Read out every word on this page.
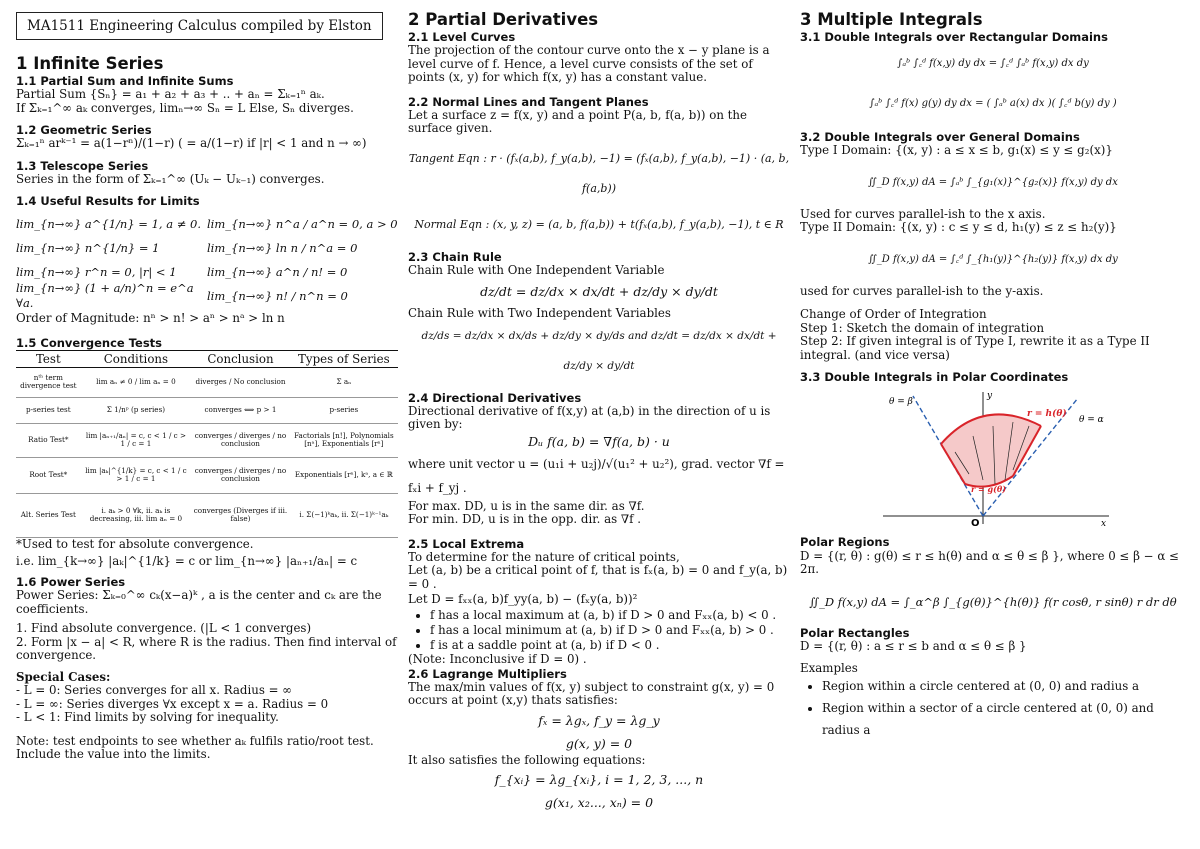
MA1511 Engineering Calculus compiled by Elston
1 Infinite Series
1.1 Partial Sum and Infinite Sums

Partial Sum {Sₙ} = a₁ + a₂ + a₃ + .. + aₙ = Σₖ₌₁ⁿ aₖ.

If Σₖ₌₁^∞ aₖ converges, limₙ→∞ Sₙ = L Else, Sₙ diverges.

1.2 Geometric Series

Σₖ₌₁ⁿ arᵏ⁻¹ = a(1−rⁿ)/(1−r) ( = a/(1−r) if |r| < 1 and n → ∞)

1.3 Telescope Series

Series in the form of Σₖ₌₁^∞ (Uₖ − Uₖ₋₁) converges.

1.4 Useful Results for Limits
lim_{n→∞} a^{1/n} = 1, a ≠ 0. lim_{n→∞} n^a / a^n = 0, a > 0
lim_{n→∞} n^{1/n} = 1	lim_{n→∞} ln n / n^a = 0
lim_{n→∞} r^n = 0, |r| < 1	lim_{n→∞} a^n / n! = 0
lim_{n→∞} (1 + a/n)^n = e^a ∀a.
lim_{n→∞} n! / n^n = 0

Order of Magnitude: nⁿ > n! > aⁿ > nᵃ > ln n

1.5 Convergence Tests
Test	Conditions	Conclusion	Types of Series
nᵗʰ term divergence test	lim aₙ ≠ 0 / lim aₙ = 0	diverges / No conclusion	Σ aₙ
p-series test	Σ 1/nᵖ (p series)	converges ⟺ p > 1	p-series
Ratio Test*	lim |aₙ₊₁/aₙ| = c, c < 1 / c > 1 / c = 1	converges / diverges / no conclusion	Factorials [n!], Polynomials [nᵃ], Exponentials [rⁿ]
Root Test*	lim |aₖ|^{1/k} = c, c < 1 / c > 1 / c = 1	converges / diverges / no conclusion	Exponentials [rⁿ], kᵃ, a ∈ ℝ
Alt. Series Test	i. aₖ > 0 ∀k, ii. aₖ is decreasing, iii. lim aₙ = 0	converges (Diverges if iii. false)	i. Σ(−1)ᵏaₖ, ii. Σ(−1)ᵏ⁻¹aₖ

*Used to test for absolute convergence.

i.e. lim_{k→∞} |aₖ|^{1/k} = c or lim_{n→∞} |aₙ₊₁/aₙ| = c

1.6 Power Series

Power Series: Σₖ₌₀^∞ cₖ(x−a)ᵏ , a is the center and cₖ are the coefficients.

1. Find absolute convergence. (|L < 1 converges)

2. Form |x − a| < R, where R is the radius. Then find interval of convergence.

Special Cases:

- L = 0: Series converges for all x. Radius = ∞

- L = ∞: Series diverges ∀x except x = a. Radius = 0

- L < 1: Find limits by solving for inequality.

Note: test endpoints to see whether aₖ fulfils ratio/root test. Include the value into the limits.

2 Partial Derivatives
2.1 Level Curves

The projection of the contour curve onto the x − y plane is a level curve of f. Hence, a level curve consists of the set of points (x, y) for which f(x, y) has a constant value.

2.2 Normal Lines and Tangent Planes

Let a surface z = f(x, y) and a point P(a, b, f(a, b)) on the surface given.

Tangent Eqn : r · (fₓ(a,b), f_y(a,b), −1) = (fₓ(a,b), f_y(a,b), −1) · (a, b, f(a,b))

Normal Eqn : (x, y, z) = (a, b, f(a,b)) + t(fₓ(a,b), f_y(a,b), −1), t ∈ R

2.3 Chain Rule

Chain Rule with One Independent Variable

dz/dt = dz/dx × dx/dt + dz/dy × dy/dt

Chain Rule with Two Independent Variables

dz/ds = dz/dx × dx/ds + dz/dy × dy/ds and dz/dt = dz/dx × dx/dt + dz/dy × dy/dt
2.4 Directional Derivatives

Directional derivative of f(x,y) at (a,b) in the direction of u is given by:

Dᵤ f(a, b) = ∇f(a, b) · u

where unit vector u = (u₁i + u₂j)/√(u₁² + u₂²), grad. vector ∇f = fₓi + f_yj .

For max. DD, u is in the same dir. as ∇f.

For min. DD, u is in the opp. dir. as ∇f .

2.5 Local Extrema

To determine for the nature of critical points,

Let (a, b) be a critical point of f, that is fₓ(a, b) = 0 and f_y(a, b) = 0 .

Let D = fₓₓ(a, b)f_yy(a, b) − (fₓy(a, b))²

• f has a local maximum at (a, b) if D > 0 and Fₓₓ(a, b) < 0 .
• f has a local minimum at (a, b) if D > 0 and Fₓₓ(a, b) > 0 .
• f is at a saddle point at (a, b) if D < 0 .

(Note: Inconclusive if D = 0) .

2.6 Lagrange Multipliers

The max/min values of f(x, y) subject to constraint g(x, y) = 0 occurs at point (x,y) thats satisfies:

fₓ = λgₓ, f_y = λg_y
g(x, y) = 0

It also satisfies the following equations:

f_{xᵢ} = λg_{xᵢ}, i = 1, 2, 3, ..., n
g(x₁, x₂..., xₙ) = 0
3 Multiple Integrals
3.1 Double Integrals over Rectangular Domains

∫ₐᵇ ∫꜀ᵈ f(x,y) dy dx = ∫꜀ᵈ ∫ₐᵇ f(x,y) dx dy

∫ₐᵇ ∫꜀ᵈ f(x) g(y) dy dx = ( ∫ₐᵇ a(x) dx )( ∫꜀ᵈ b(y) dy )

3.2 Double Integrals over General Domains

Type I Domain: {(x, y) : a ≤ x ≤ b, g₁(x) ≤ y ≤ g₂(x)}

∬_D f(x,y) dA = ∫ₐᵇ ∫_{g₁(x)}^{g₂(x)} f(x,y) dy dx

Used for curves parallel-ish to the x axis.

Type II Domain: {(x, y) : c ≤ y ≤ d, h₁(y) ≤ z ≤ h₂(y)}

∬_D f(x,y) dA = ∫꜀ᵈ ∫_{h₁(y)}^{h₂(y)} f(x,y) dx dy

used for curves parallel-ish to the y-axis.

Change of Order of Integration

Step 1: Sketch the domain of integration

Step 2: If given integral is of Type I, rewrite it as a Type II integral. (and vice versa)

3.3 Double Integrals in Polar Coordinates
θ = β
θ = α
r = h(θ)
r = g(θ)
O	x
y

Polar Regions

D = {(r, θ) : g(θ) ≤ r ≤ h(θ) and α ≤ θ ≤ β }, where 0 ≤ β − α ≤ 2π.

∬_D f(x,y) dA = ∫_α^β ∫_{g(θ)}^{h(θ)} f(r cosθ, r sinθ) r dr dθ

Polar Rectangles

D = {(r, θ) : a ≤ r ≤ b and α ≤ θ ≤ β }

Examples

• Region within a circle centered at (0, 0) and radius a
• Region within a sector of a circle centered at (0, 0) and radius a
